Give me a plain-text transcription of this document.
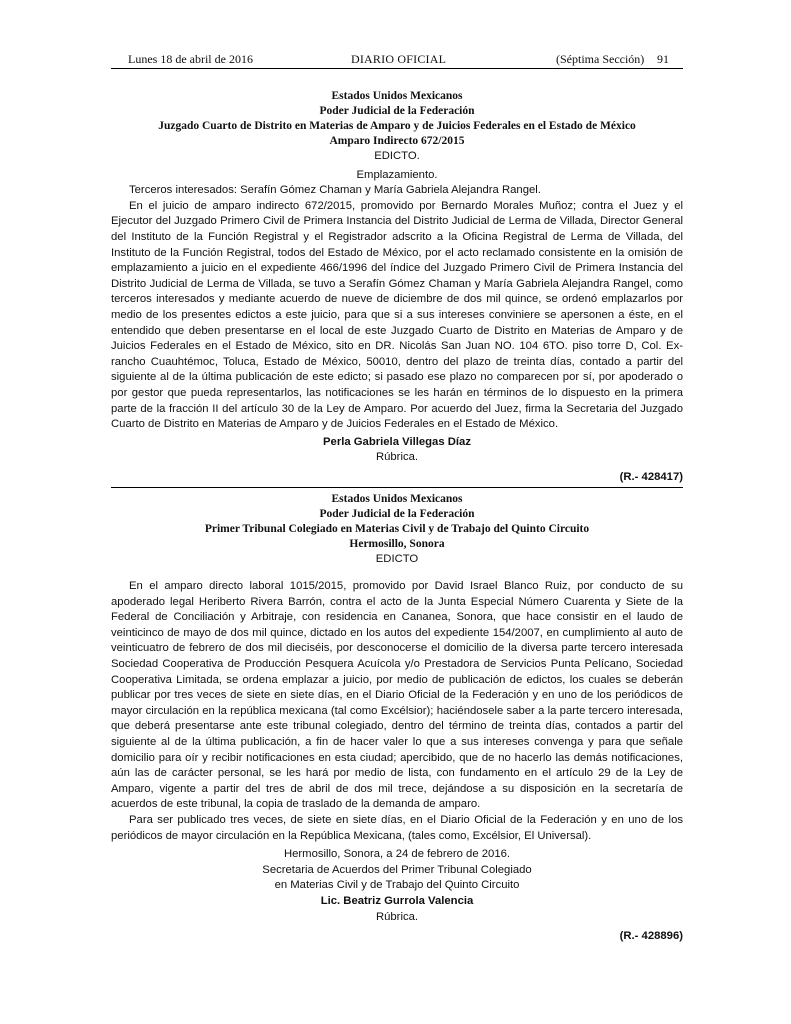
Lunes 18 de abril de 2016	DIARIO OFICIAL	(Séptima Sección) 91

Estados Unidos Mexicanos

Poder Judicial de la Federación

Juzgado Cuarto de Distrito en Materias de Amparo y de Juicios Federales en el Estado de México

Amparo Indirecto 672/2015

EDICTO.

Emplazamiento.

Terceros interesados: Serafín Gómez Chaman y María Gabriela Alejandra Rangel.

En el juicio de amparo indirecto 672/2015, promovido por Bernardo Morales Muñoz; contra el Juez y el Ejecutor del Juzgado Primero Civil de Primera Instancia del Distrito Judicial de Lerma de Villada, Director General del Instituto de la Función Registral y el Registrador adscrito a la Oficina Registral de Lerma de Villada, del Instituto de la Función Registral, todos del Estado de México, por el acto reclamado consistente en la omisión de emplazamiento a juicio en el expediente 466/1996 del índice del Juzgado Primero Civil de Primera Instancia del Distrito Judicial de Lerma de Villada, se tuvo a Serafín Gómez Chaman y María Gabriela Alejandra Rangel, como terceros interesados y mediante acuerdo de nueve de diciembre de dos mil quince, se ordenó emplazarlos por medio de los presentes edictos a este juicio, para que si a sus intereses conviniere se apersonen a éste, en el entendido que deben presentarse en el local de este Juzgado Cuarto de Distrito en Materias de Amparo y de Juicios Federales en el Estado de México, sito en DR. Nicolás San Juan NO. 104 6TO. piso torre D, Col. Ex-rancho Cuauhtémoc, Toluca, Estado de México, 50010, dentro del plazo de treinta días, contado a partir del siguiente al de la última publicación de este edicto; si pasado ese plazo no comparecen por sí, por apoderado o por gestor que pueda representarlos, las notificaciones se les harán en términos de lo dispuesto en la primera parte de la fracción II del artículo 30 de la Ley de Amparo. Por acuerdo del Juez, firma la Secretaria del Juzgado Cuarto de Distrito en Materias de Amparo y de Juicios Federales en el Estado de México.

Perla Gabriela Villegas Díaz

Rúbrica.

(R.- 428417)

Estados Unidos Mexicanos

Poder Judicial de la Federación

Primer Tribunal Colegiado en Materias Civil y de Trabajo del Quinto Circuito

Hermosillo, Sonora

EDICTO

En el amparo directo laboral 1015/2015, promovido por David Israel Blanco Ruiz, por conducto de su apoderado legal Heriberto Rivera Barrón, contra el acto de la Junta Especial Número Cuarenta y Siete de la Federal de Conciliación y Arbitraje, con residencia en Cananea, Sonora, que hace consistir en el laudo de veinticinco de mayo de dos mil quince, dictado en los autos del expediente 154/2007, en cumplimiento al auto de veinticuatro de febrero de dos mil dieciséis, por desconocerse el domicilio de la diversa parte tercero interesada Sociedad Cooperativa de Producción Pesquera Acuícola y/o Prestadora de Servicios Punta Pelícano, Sociedad Cooperativa Limitada, se ordena emplazar a juicio, por medio de publicación de edictos, los cuales se deberán publicar por tres veces de siete en siete días, en el Diario Oficial de la Federación y en uno de los periódicos de mayor circulación en la república mexicana (tal como Excélsior); haciéndosele saber a la parte tercero interesada, que deberá presentarse ante este tribunal colegiado, dentro del término de treinta días, contados a partir del siguiente al de la última publicación, a fin de hacer valer lo que a sus intereses convenga y para que señale domicilio para oír y recibir notificaciones en esta ciudad; apercibido, que de no hacerlo las demás notificaciones, aún las de carácter personal, se les hará por medio de lista, con fundamento en el artículo 29 de la Ley de Amparo, vigente a partir del tres de abril de dos mil trece, dejándose a su disposición en la secretaría de acuerdos de este tribunal, la copia de traslado de la demanda de amparo.

Para ser publicado tres veces, de siete en siete días, en el Diario Oficial de la Federación y en uno de los periódicos de mayor circulación en la República Mexicana, (tales como, Excélsior, El Universal).

Hermosillo, Sonora, a 24 de febrero de 2016.

Secretaria de Acuerdos del Primer Tribunal Colegiado

en Materias Civil y de Trabajo del Quinto Circuito

Lic. Beatriz Gurrola Valencia

Rúbrica.

(R.- 428896)
